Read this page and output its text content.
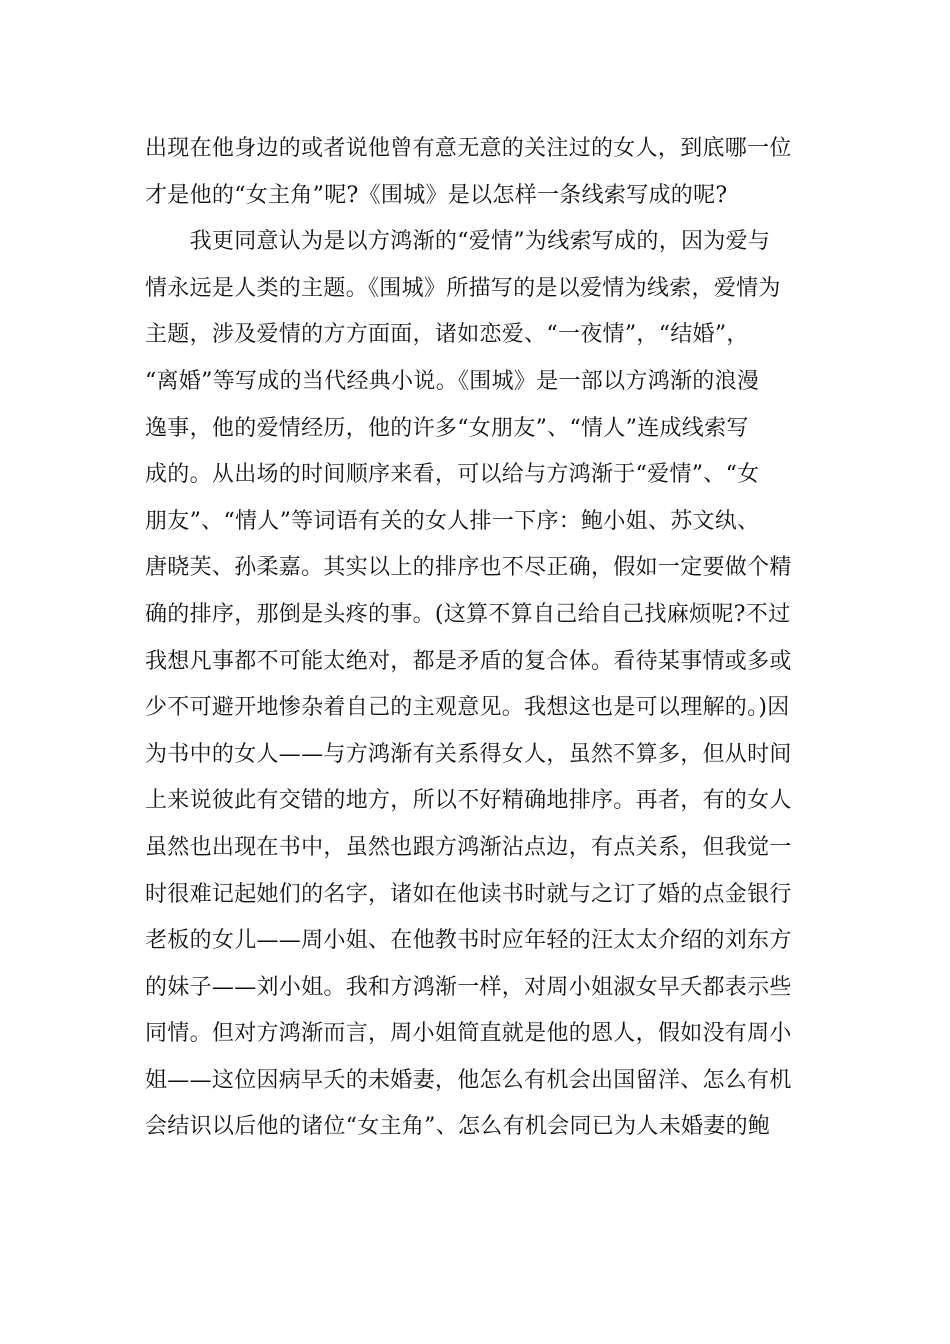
出现在他身边的或者说他曾有意无意的关注过的女人，到底哪一位
才是他的“女主角”呢?《围城》是以怎样一条线索写成的呢?
　　我更同意认为是以方鸿渐的“爱情”为线索写成的，因为爱与
情永远是人类的主题。《围城》所描写的是以爱情为线索，爱情为
主题，涉及爱情的方方面面，诸如恋爱、“一夜情”，“结婚”，
“离婚”等写成的当代经典小说。《围城》是一部以方鸿渐的浪漫
逸事，他的爱情经历，他的许多“女朋友”、“情人”连成线索写
成的。从出场的时间顺序来看，可以给与方鸿渐于“爱情”、“女
朋友”、“情人”等词语有关的女人排一下序：鲍小姐、苏文纨、
唐晓芙、孙柔嘉。其实以上的排序也不尽正确，假如一定要做个精
确的排序，那倒是头疼的事。(这算不算自己给自己找麻烦呢?不过
我想凡事都不可能太绝对，都是矛盾的复合体。看待某事情或多或
少不可避开地惨杂着自己的主观意见。我想这也是可以理解的。)因
为书中的女人——与方鸿渐有关系得女人，虽然不算多，但从时间
上来说彼此有交错的地方，所以不好精确地排序。再者，有的女人
虽然也出现在书中，虽然也跟方鸿渐沾点边，有点关系，但我觉一
时很难记起她们的名字，诸如在他读书时就与之订了婚的点金银行
老板的女儿——周小姐、在他教书时应年轻的汪太太介绍的刘东方
的妹子——刘小姐。我和方鸿渐一样，对周小姐淑女早夭都表示些
同情。但对方鸿渐而言，周小姐简直就是他的恩人，假如没有周小
姐——这位因病早夭的未婚妻，他怎么有机会出国留洋、怎么有机
会结识以后他的诸位“女主角”、怎么有机会同已为人未婚妻的鲍
